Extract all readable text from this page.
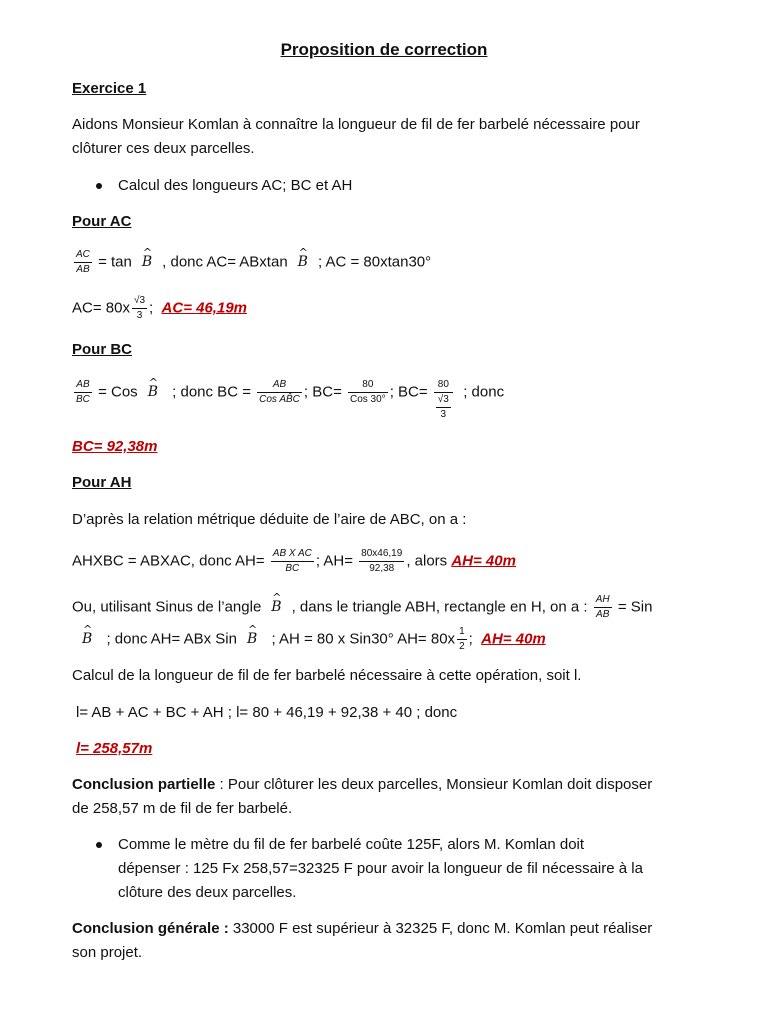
Proposition de correction
Exercice 1
Aidons Monsieur Komlan à connaître la longueur de fil de fer barbelé nécessaire pour
clôturer ces deux parcelles.
Calcul des longueurs AC; BC et AH
Pour AC
$\frac{AC}{AB}$ = tan^ B , donc AC= ABxtan^ B ; AC = 80xtan30°
$AC= 80x \frac{√3}{3}$ ; AC= 46,19m
Pour BC
$\frac{AB}{BC}$ = Cos^ B ; donc BC = $\frac{AB}{\text{Cos AB̂C}}$ ; $BC= \frac{80}{\text{Cos 30°}}$ ; $BC= \frac{80}{\frac{√3}{3}}$ ; donc
BC= 92,38m
Pour AH
D’après la relation métrique déduite de l’aire de ABC, on a :
AHXBC = ABXAC, donc $AH= \frac{\text{AB X AC}}{BC}$ ; $AH= \frac{80x46,19}{92,38}$ , alors AH= 40m
Ou, utilisant Sinus de l’angle^ B , dans le triangle ABH, rectangle en H, on a : $\frac{AH}{AB}$ = Sin
^ B ; donc AH= ABx Sin^ B ; AH = 80 x Sin30° $AH= 80x \frac{1}{2}$ ; AH= 40m
Calcul de la longueur de fil de fer barbelé nécessaire à cette opération, soit l.
l= AB + AC + BC + AH ; l= 80 + 46,19 + 92,38 + 40 ; donc
l= 258,57m
Conclusion partielle : Pour clôturer les deux parcelles, Monsieur Komlan doit disposer
de 258,57 m de fil de fer barbelé.
Comme le mètre du fil de fer barbelé coûte 125F, alors M. Komlan doit
dépenser : 125 Fx 258,57=32325 F pour avoir la longueur de fil nécessaire à la
clôture des deux parcelles.
Conclusion générale : 33000 F est supérieur à 32325 F, donc M. Komlan peut réaliser
son projet.
